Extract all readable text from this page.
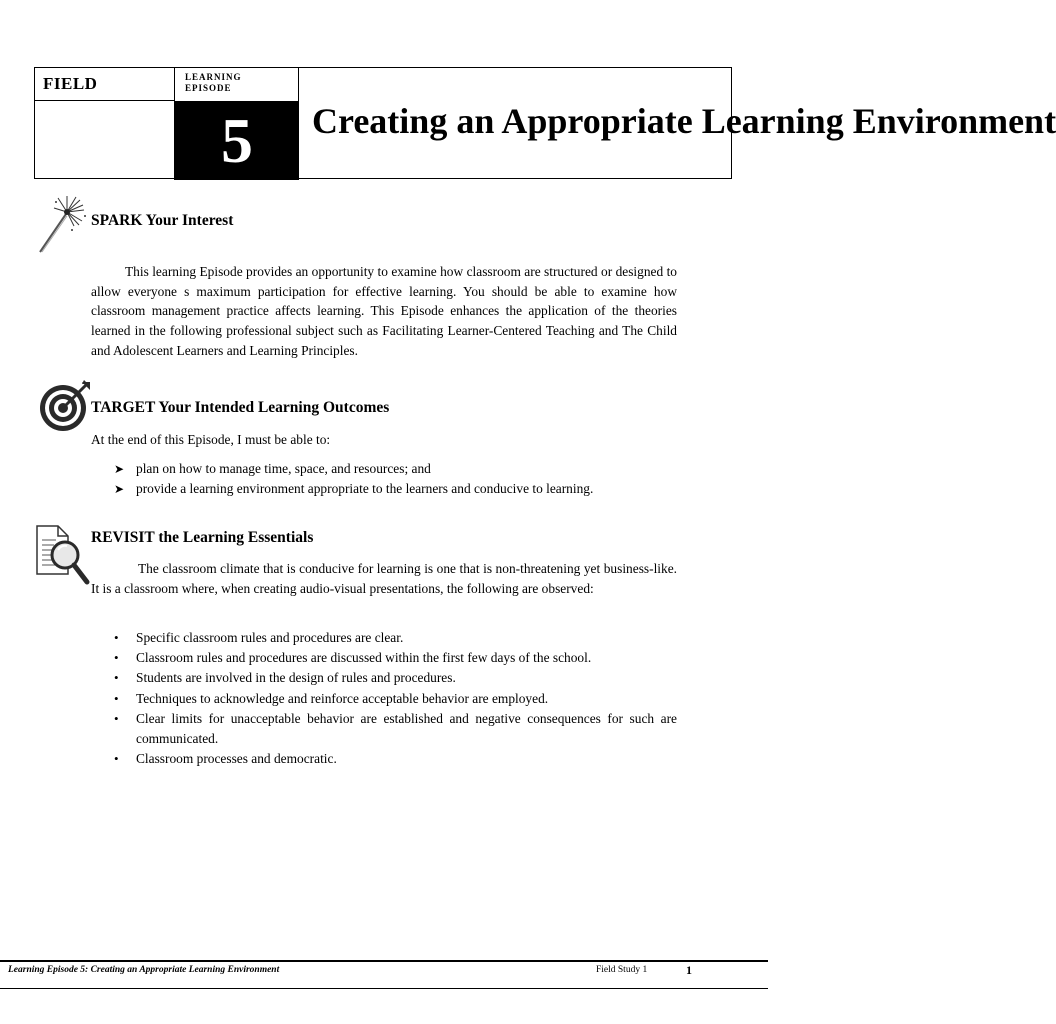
FIELD	LEARNING
EPISODE
5	Creating an Appropriate Learning Environment
SPARK Your Interest

This learning Episode provides an opportunity to examine how classroom are structured or designed to allow everyone s maximum participation for effective learning. You should be able to examine how classroom management practice affects learning. This Episode enhances the application of the theories learned in the following professional subject such as Facilitating Learner-Centered Teaching and The Child and Adolescent Learners and Learning Principles.

TARGET Your Intended Learning Outcomes
At the end of this Episode, I must be able to:
➤ plan on how to manage time, space, and resources; and
➤ provide a learning environment appropriate to the learners and conducive to learning.
REVISIT the Learning Essentials

The classroom climate that is conducive for learning is one that is non-threatening yet business-like. It is a classroom where, when creating audio-visual presentations, the following are observed:

• Specific classroom rules and procedures are clear.
• Classroom rules and procedures are discussed within the first few days of the school.
• Students are involved in the design of rules and procedures.
• Techniques to acknowledge and reinforce acceptable behavior are employed.
• Clear limits for unacceptable behavior are established and negative consequences for such are communicated.
• Classroom processes and democratic.
Learning Episode 5: Creating an Appropriate Learning Environment	Field Study 1	1
